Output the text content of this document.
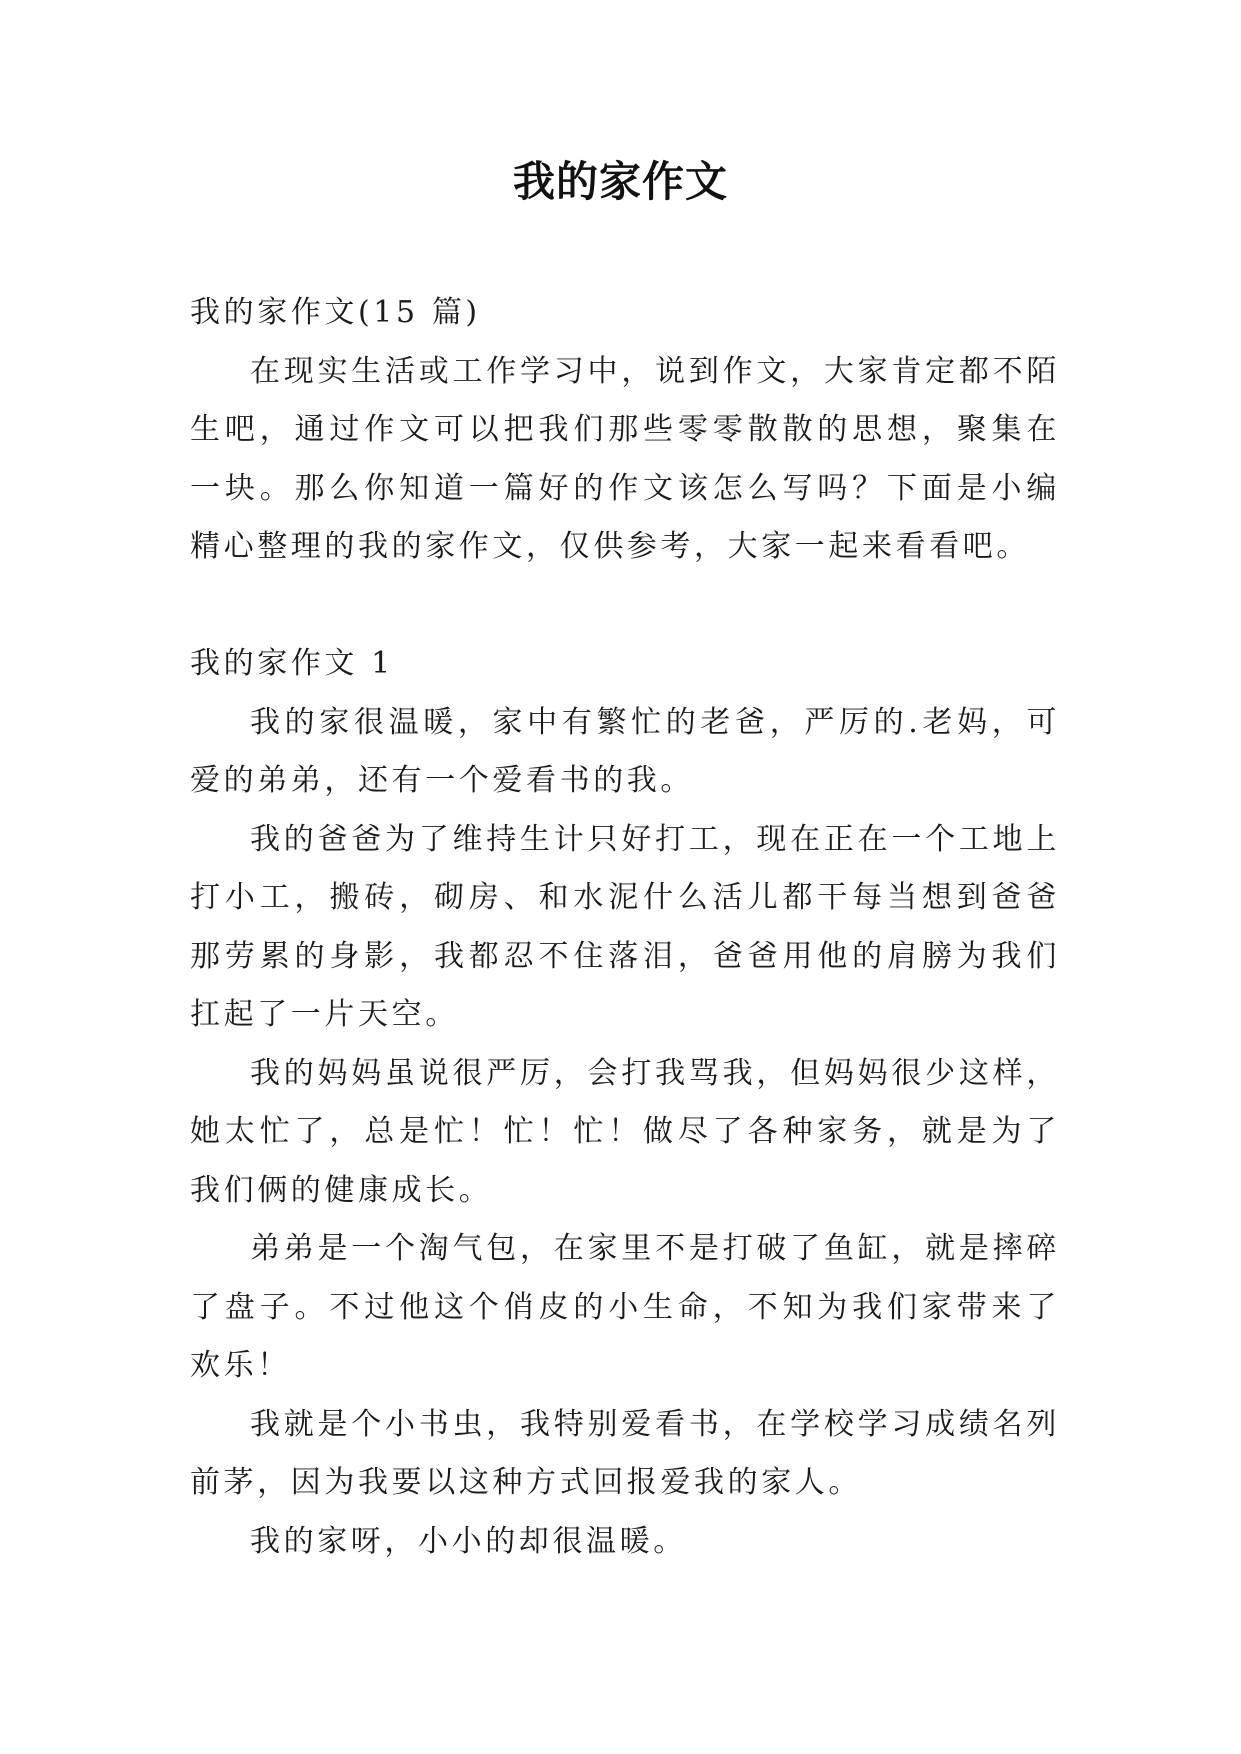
我的家作文

我的家作文(15 篇)

在现实生活或工作学习中，说到作文，大家肯定都不陌生吧，通过作文可以把我们那些零零散散的思想，聚集在一块。那么你知道一篇好的作文该怎么写吗？下面是小编精心整理的我的家作文，仅供参考，大家一起来看看吧。

我的家作文 1

我的家很温暖，家中有繁忙的老爸，严厉的.老妈，可爱的弟弟，还有一个爱看书的我。

我的爸爸为了维持生计只好打工，现在正在一个工地上打小工，搬砖，砌房、和水泥什么活儿都干每当想到爸爸那劳累的身影，我都忍不住落泪，爸爸用他的肩膀为我们扛起了一片天空。

我的妈妈虽说很严厉，会打我骂我，但妈妈很少这样，她太忙了，总是忙！忙！忙！做尽了各种家务，就是为了我们俩的健康成长。

弟弟是一个淘气包，在家里不是打破了鱼缸，就是摔碎了盘子。不过他这个俏皮的小生命，不知为我们家带来了欢乐！

我就是个小书虫，我特别爱看书，在学校学习成绩名列前茅，因为我要以这种方式回报爱我的家人。

我的家呀，小小的却很温暖。
